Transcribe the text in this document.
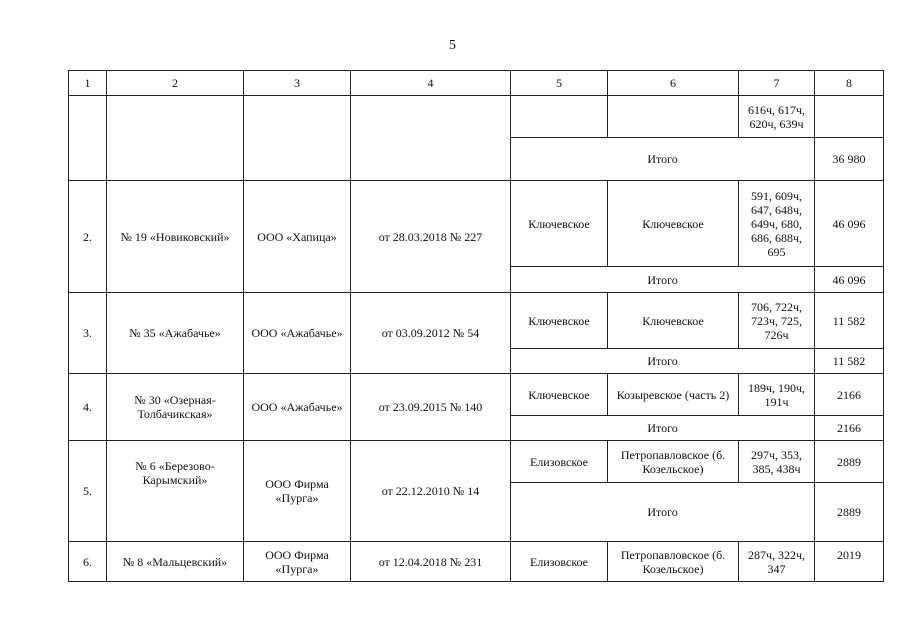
5
1	2	3	4	5	6	7	8
						616ч, 617ч, 620ч, 639ч	
				Итого			36 980
2.	№ 19 «Новиковский»	ООО «Хапица»	от 28.03.2018 № 227	Ключевское	Ключевское	591, 609ч, 647, 648ч, 649ч, 680, 686, 688ч, 695	46 096
				Итого			46 096
3.	№ 35 «Ажабачье»	ООО «Ажабачье»	от 03.09.2012 № 54	Ключевское	Ключевское	706, 722ч, 723ч, 725, 726ч	11 582
				Итого			11 582
4.	№ 30 «Озерная-Толбачикская»	ООО «Ажабачье»	от 23.09.2015 № 140	Ключевское	Козыревское (часть 2)	189ч, 190ч, 191ч	2166
				Итого			2166
5.	№ 6 «Березово-Карымский»	ООО Фирма «Пурга»	от 22.12.2010 № 14	Елизовское	Петропавловское (б. Козельское)	297ч, 353, 385, 438ч	2889
				Итого			2889
6.	№ 8 «Мальцевский»	ООО Фирма «Пурга»	от 12.04.2018 № 231	Елизовское	Петропавловское (б. Козельское)	287ч, 322ч, 347	2019
